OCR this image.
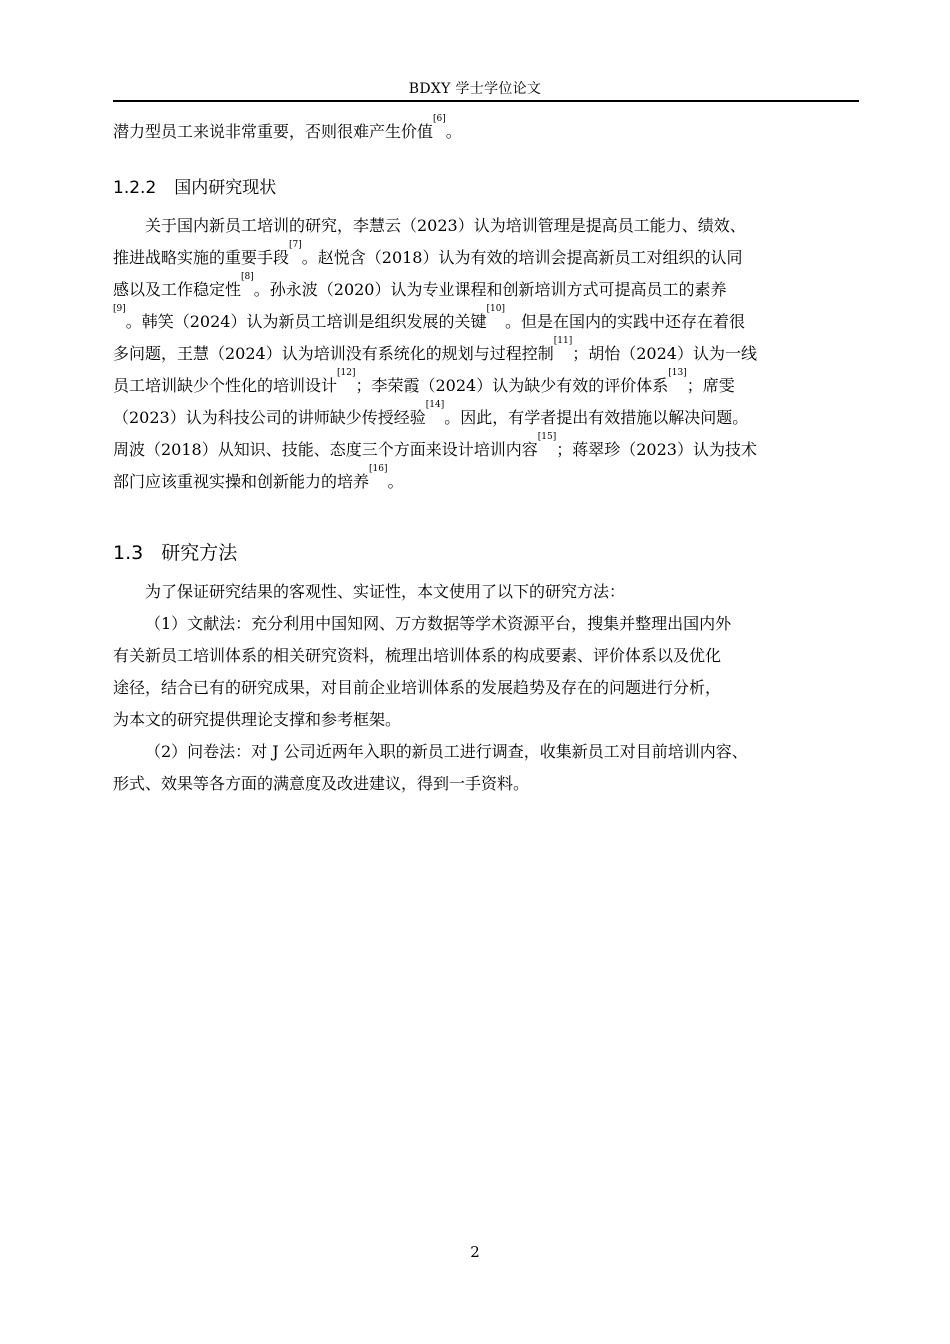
BDXY 学士学位论文
潜力型员工来说非常重要，否则很难产生价值[6]。
1.2.2 国内研究现状
关于国内新员工培训的研究，李慧云（2023）认为培训管理是提高员工能力、绩效、
推进战略实施的重要手段[7]。赵悦含（2018）认为有效的培训会提高新员工对组织的认同
感以及工作稳定性[8]。孙永波（2020）认为专业课程和创新培训方式可提高员工的素养
[9]。韩笑（2024）认为新员工培训是组织发展的关键[10]。但是在国内的实践中还存在着很
多问题，王慧（2024）认为培训没有系统化的规划与过程控制[11]；胡怡（2024）认为一线
员工培训缺少个性化的培训设计[12]；李荣霞（2024）认为缺少有效的评价体系[13]；席雯
（2023）认为科技公司的讲师缺少传授经验[14]。因此，有学者提出有效措施以解决问题。
周波（2018）从知识、技能、态度三个方面来设计培训内容[15]；蒋翠珍（2023）认为技术
部门应该重视实操和创新能力的培养[16]。
1.3 研究方法
为了保证研究结果的客观性、实证性，本文使用了以下的研究方法：
（1）文献法：充分利用中国知网、万方数据等学术资源平台，搜集并整理出国内外
有关新员工培训体系的相关研究资料，梳理出培训体系的构成要素、评价体系以及优化
途径，结合已有的研究成果，对目前企业培训体系的发展趋势及存在的问题进行分析，
为本文的研究提供理论支撑和参考框架。
（2）问卷法：对 J 公司近两年入职的新员工进行调查，收集新员工对目前培训内容、
形式、效果等各方面的满意度及改进建议，得到一手资料。
2
